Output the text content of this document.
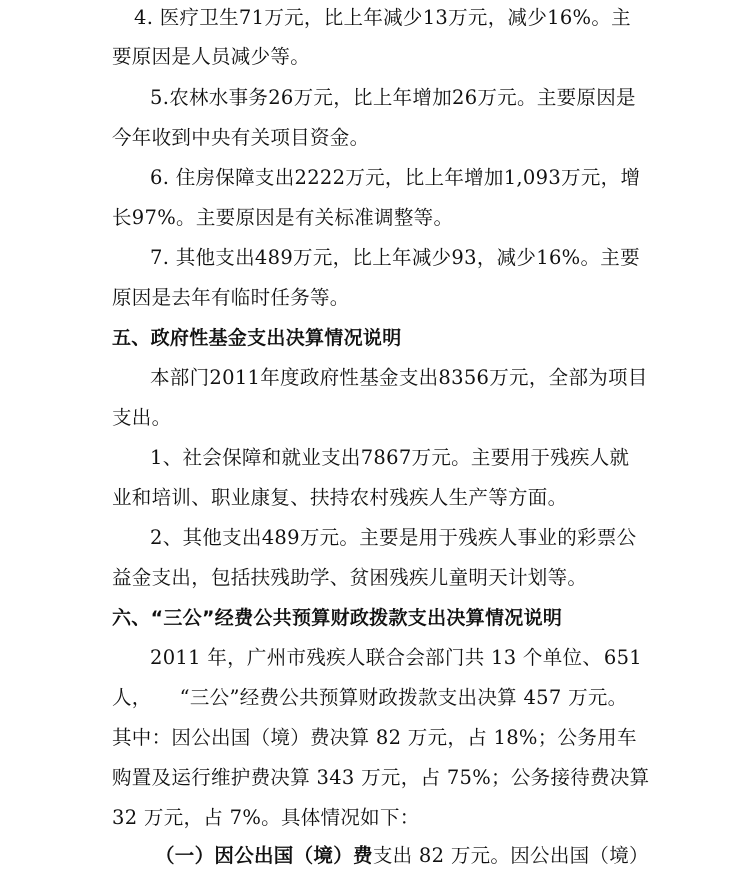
4. 医疗卫生71万元，比上年减少13万元，减少16%。主
要原因是人员减少等。
5.农林水事务26万元，比上年增加26万元。主要原因是
今年收到中央有关项目资金。
6. 住房保障支出2222万元，比上年增加1,093万元，增
长97%。主要原因是有关标准调整等。
7. 其他支出489万元，比上年减少93，减少16%。主要
原因是去年有临时任务等。
五、政府性基金支出决算情况说明
本部门2011年度政府性基金支出8356万元，全部为项目
支出。
1、社会保障和就业支出7867万元。主要用于残疾人就
业和培训、职业康复、扶持农村残疾人生产等方面。
2、其他支出489万元。主要是用于残疾人事业的彩票公
益金支出，包括扶残助学、贫困残疾儿童明天计划等。
六、“三公”经费公共预算财政拨款支出决算情况说明
2011 年，广州市残疾人联合会部门共 13 个单位、 651
人， “三公”经费公共预算财政拨款支出决算 457 万元。
其中：因公出国（境）费决算 82 万元，占 18%；公务用车
购置及运行维护费决算 343 万元，占 75%；公务接待费决算
32 万元，占 7%。具体情况如下：
（一）因公出国（境）费支出 82 万元。因公出国（境）
